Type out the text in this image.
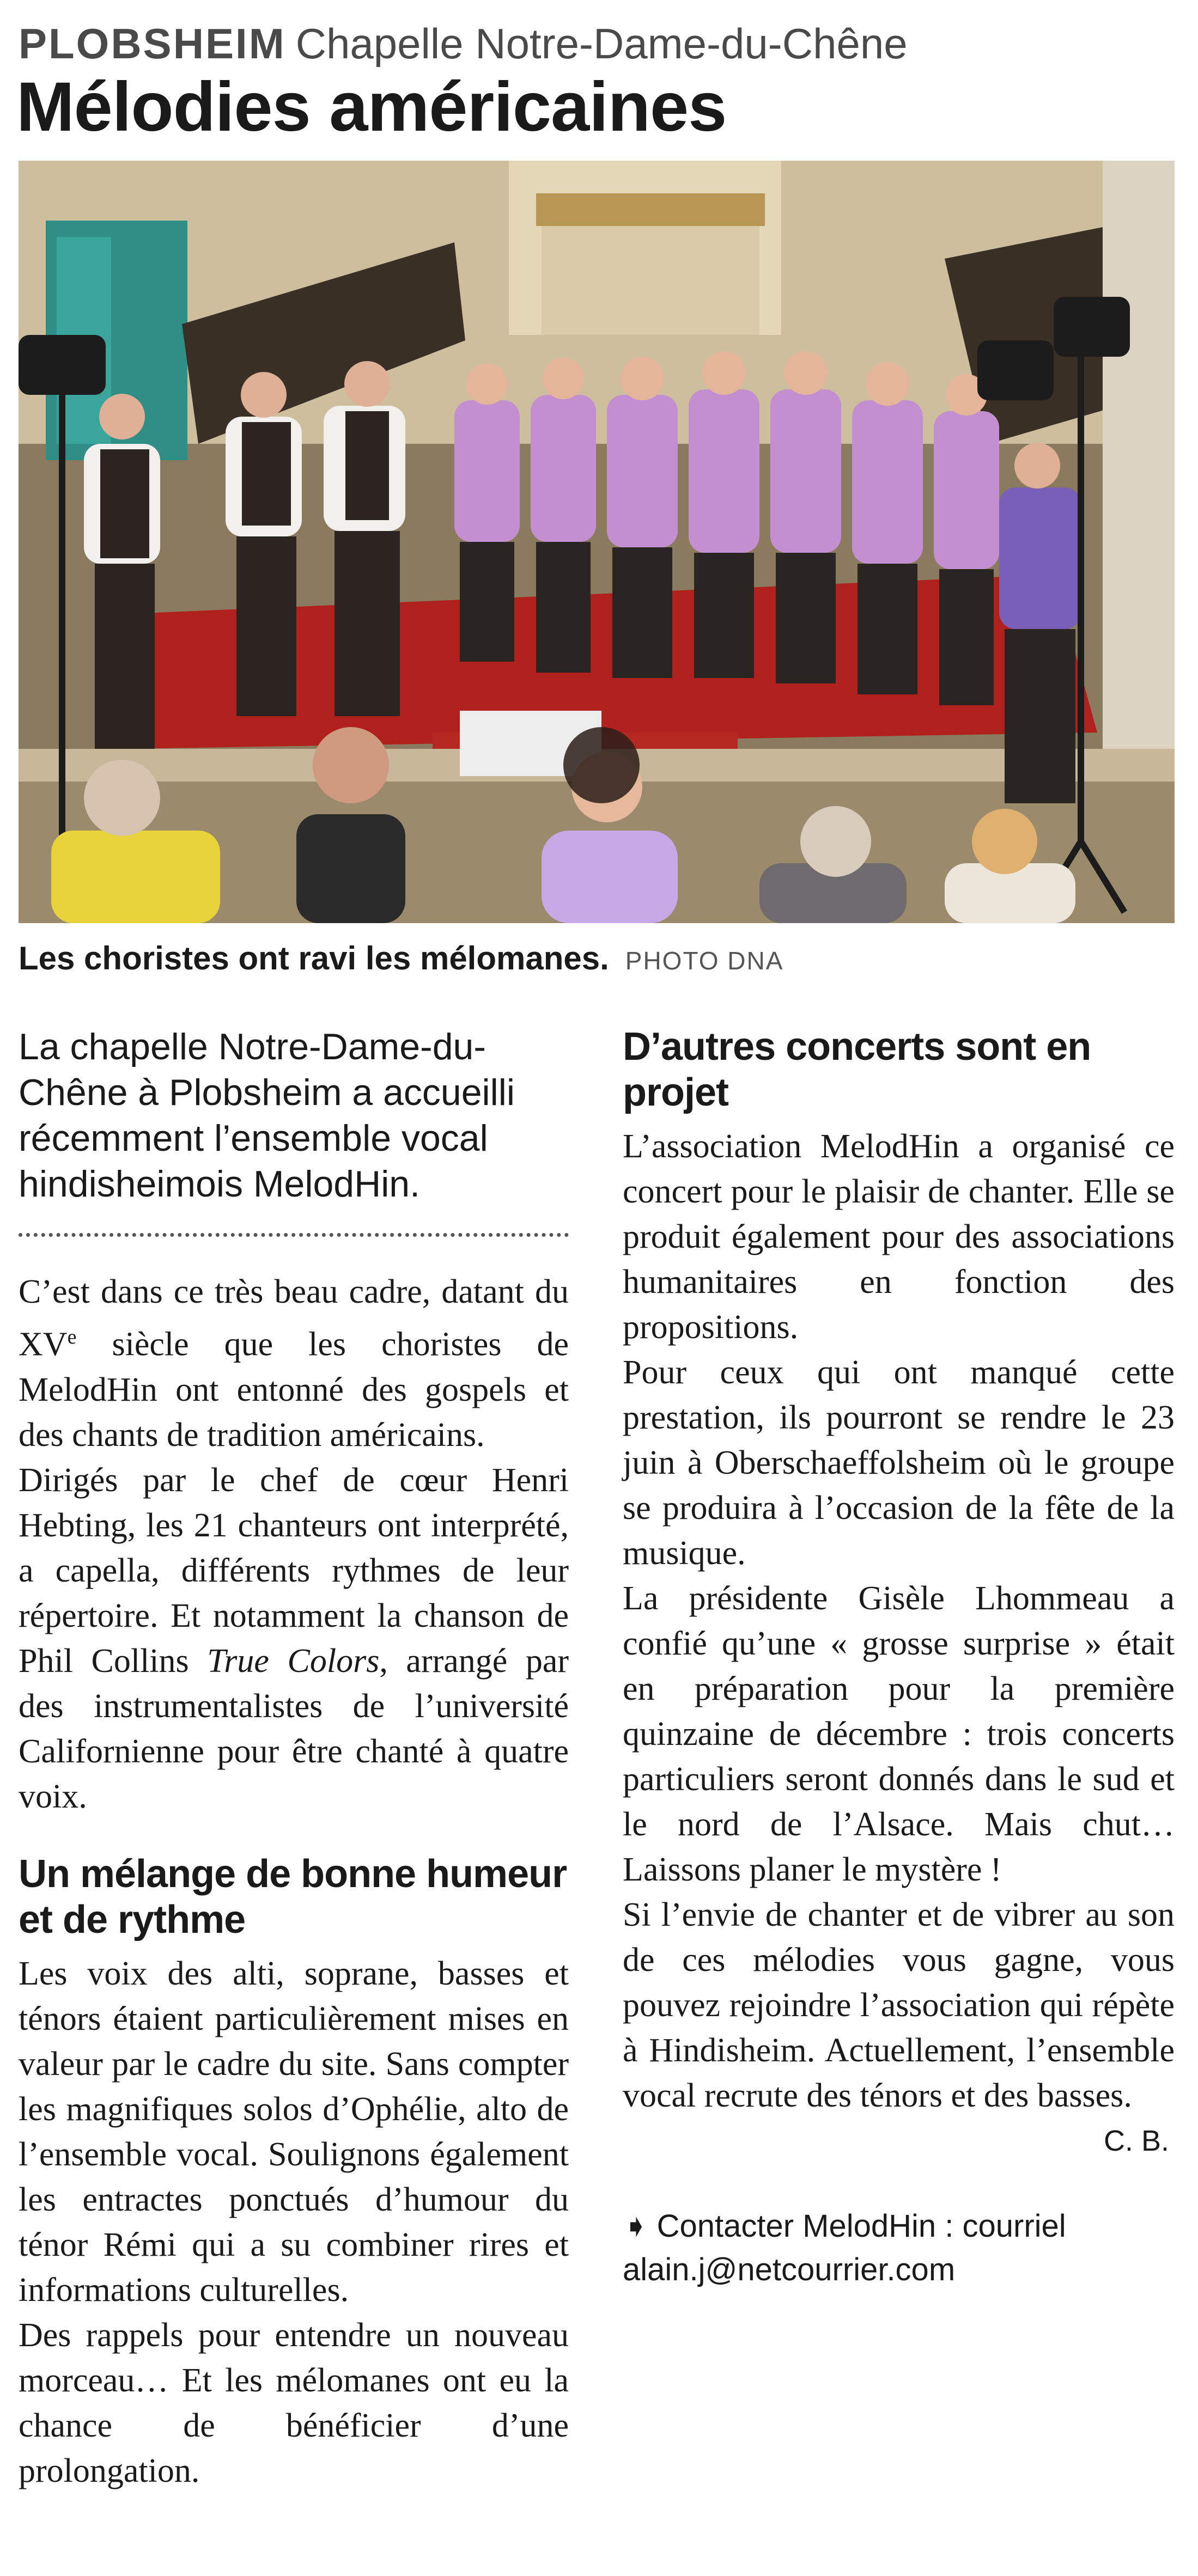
PLOBSHEIM Chapelle Notre-Dame-du-Chêne
Mélodies américaines
Les choristes ont ravi les mélomanes. PHOTO DNA

La chapelle Notre-Dame-du-Chêne à Plobsheim a accueilli récemment l’ensemble vocal hindisheimois MelodHin.

C’est dans ce très beau cadre, datant du XVe siècle que les choristes de MelodHin ont entonné des gospels et des chants de tradition américains.

Dirigés par le chef de cœur Henri Hebting, les 21 chanteurs ont interprété, a capella, différents rythmes de leur répertoire. Et notamment la chanson de Phil Collins True Colors, arrangé par des instrumentalistes de l’université Californienne pour être chanté à quatre voix.

Un mélange de bonne humeur et de rythme

Les voix des alti, soprane, basses et ténors étaient particulièrement mises en valeur par le cadre du site. Sans compter les magnifiques solos d’Ophélie, alto de l’ensemble vocal. Soulignons également les entractes ponctués d’humour du ténor Rémi qui a su combiner rires et informations culturelles.

Des rappels pour entendre un nouveau morceau… Et les mélomanes ont eu la chance de bénéficier d’une prolongation.

D’autres concerts sont en projet

L’association MelodHin a organisé ce concert pour le plaisir de chanter. Elle se produit également pour des associations humanitaires en fonction des propositions.

Pour ceux qui ont manqué cette prestation, ils pourront se rendre le 23 juin à Oberschaeffolsheim où le groupe se produira à l’occasion de la fête de la musique.

La présidente Gisèle Lhommeau a confié qu’une « grosse surprise » était en préparation pour la première quinzaine de décembre : trois concerts particuliers seront donnés dans le sud et le nord de l’Alsace. Mais chut… Laissons planer le mystère !

Si l’envie de chanter et de vibrer au son de ces mélodies vous gagne, vous pouvez rejoindre l’association qui répète à Hindisheim. Actuellement, l’ensemble vocal recrute des ténors et des basses.

C. B.
➧ Contacter MelodHin : courriel
alain.j@netcourrier.com
